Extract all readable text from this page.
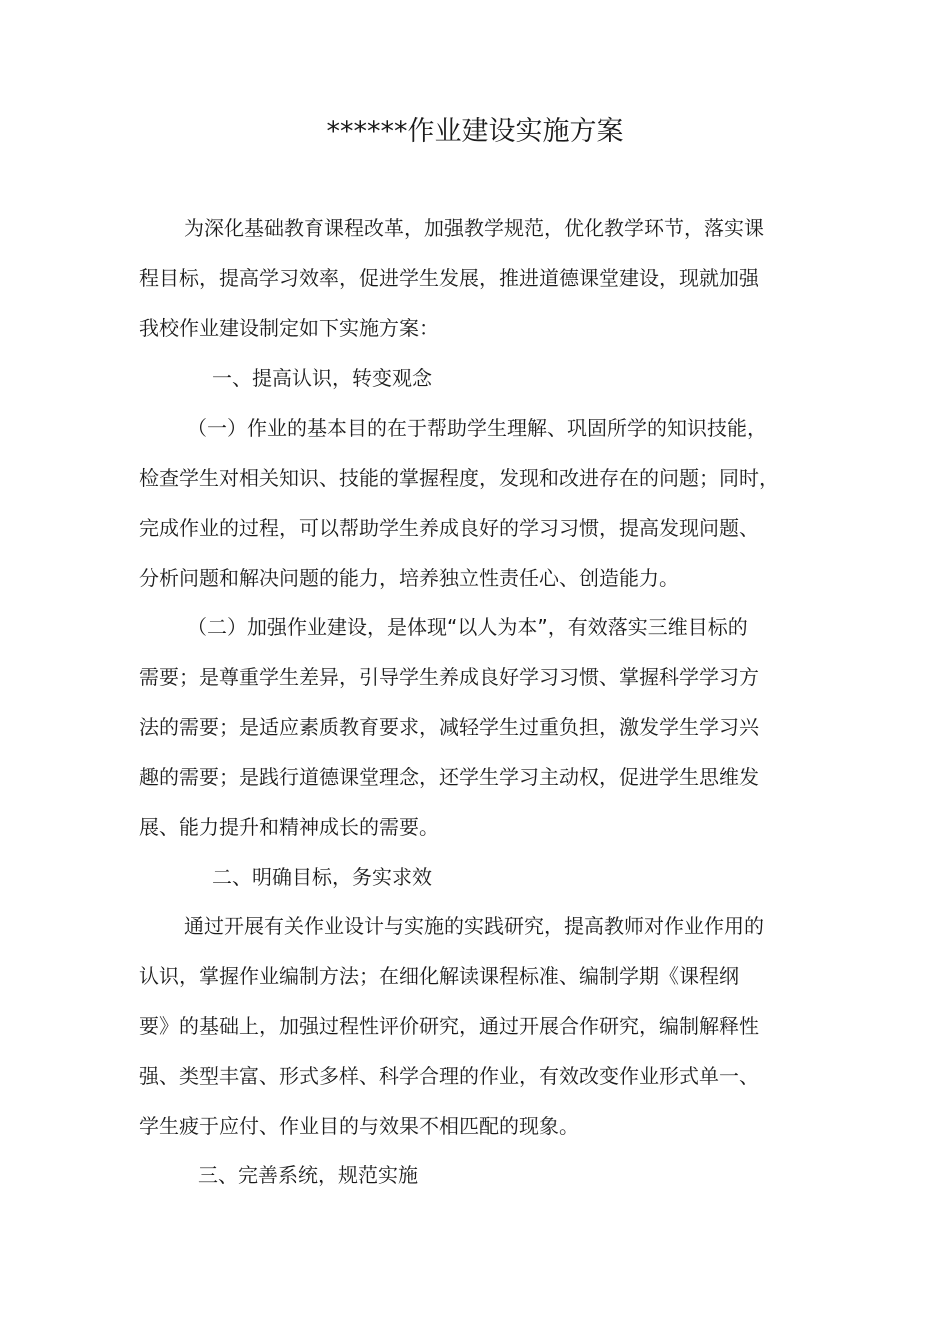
******作业建设实施方案
为深化基础教育课程改革，加强教学规范，优化教学环节，落实课
程目标，提高学习效率，促进学生发展，推进道德课堂建设，现就加强
我校作业建设制定如下实施方案：
一、提高认识，转变观念
（一）作业的基本目的在于帮助学生理解、巩固所学的知识技能，
检查学生对相关知识、技能的掌握程度，发现和改进存在的问题；同时，
完成作业的过程，可以帮助学生养成良好的学习习惯，提高发现问题、
分析问题和解决问题的能力，培养独立性责任心、创造能力。
（二）加强作业建设，是体现“以人为本”，有效落实三维目标的
需要；是尊重学生差异，引导学生养成良好学习习惯、掌握科学学习方
法的需要；是适应素质教育要求，减轻学生过重负担，激发学生学习兴
趣的需要；是践行道德课堂理念，还学生学习主动权，促进学生思维发
展、能力提升和精神成长的需要。
二、明确目标，务实求效
通过开展有关作业设计与实施的实践研究，提高教师对作业作用的
认识，掌握作业编制方法；在细化解读课程标准、编制学期《课程纲
要》的基础上，加强过程性评价研究，通过开展合作研究，编制解释性
强、类型丰富、形式多样、科学合理的作业，有效改变作业形式单一、
学生疲于应付、作业目的与效果不相匹配的现象。
三、完善系统，规范实施
